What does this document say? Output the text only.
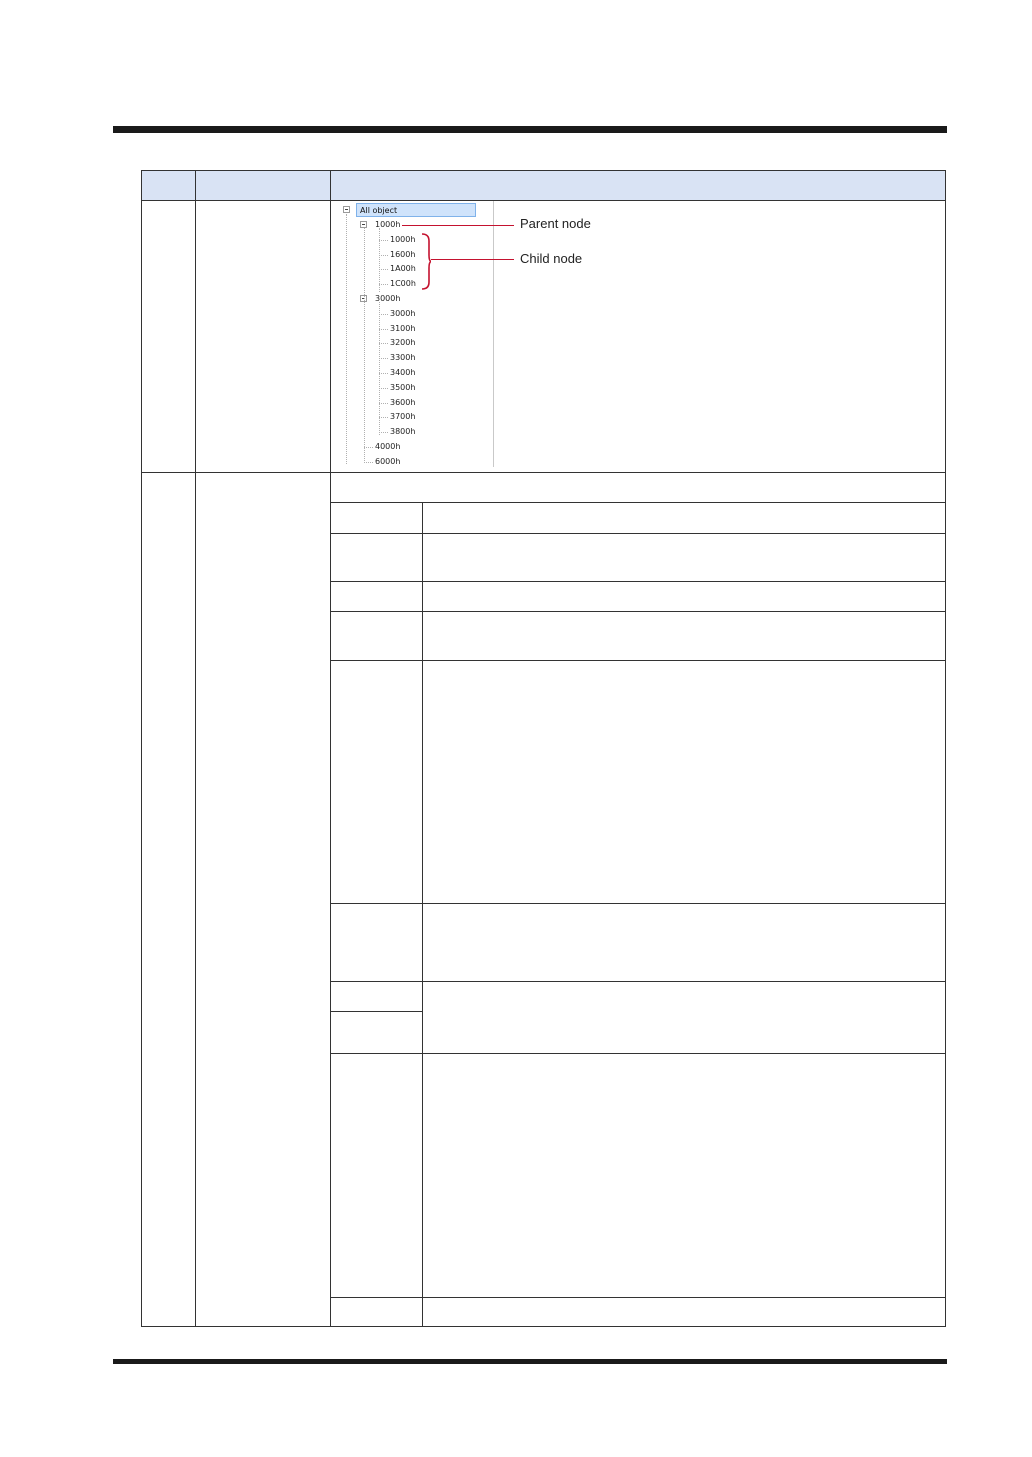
All object
1000h
1000h
1600h
1A00h
1C00h
3000h
3000h
3100h
3200h
3300h
3400h
3500h
3600h
3700h
3800h
4000h
6000h
Parent node
Child node
